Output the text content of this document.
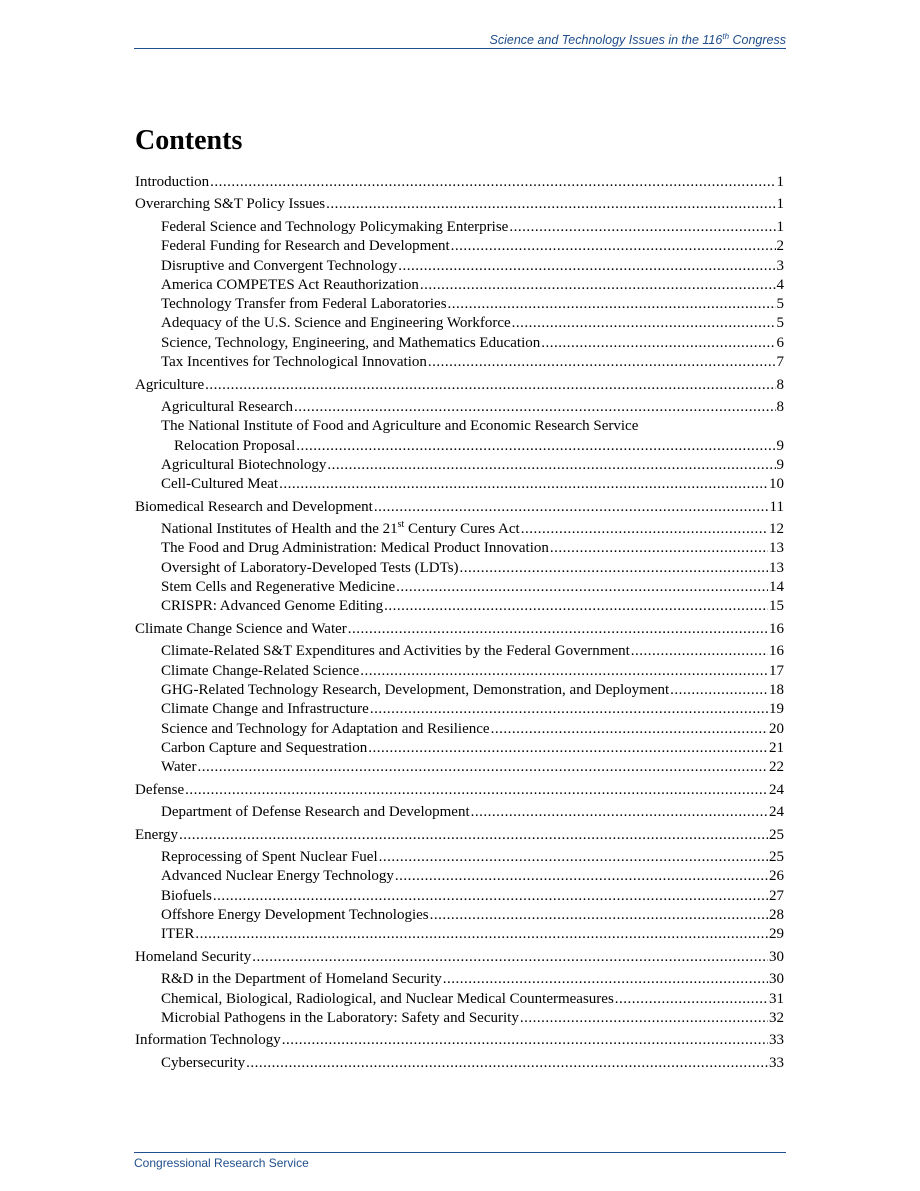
Science and Technology Issues in the 116th Congress
Contents
Introduction .....	1
Overarching S&T Policy Issues .....	1
Federal Science and Technology Policymaking Enterprise .....	1
Federal Funding for Research and Development .....	2
Disruptive and Convergent Technology .....	3
America COMPETES Act Reauthorization .....	4
Technology Transfer from Federal Laboratories .....	5
Adequacy of the U.S. Science and Engineering Workforce .....	5
Science, Technology, Engineering, and Mathematics Education .....	6
Tax Incentives for Technological Innovation .....	7
Agriculture .....	8
Agricultural Research .....	8
The National Institute of Food and Agriculture and Economic Research Service
Relocation Proposal .....	9
Agricultural Biotechnology .....	9
Cell-Cultured Meat .....	10
Biomedical Research and Development .....	11
National Institutes of Health and the 21st Century Cures Act .....	12
The Food and Drug Administration: Medical Product Innovation .....	13
Oversight of Laboratory-Developed Tests (LDTs) .....	13
Stem Cells and Regenerative Medicine .....	14
CRISPR: Advanced Genome Editing .....	15
Climate Change Science and Water .....	16
Climate-Related S&T Expenditures and Activities by the Federal Government .....	16
Climate Change-Related Science .....	17
GHG-Related Technology Research, Development, Demonstration, and Deployment .....	18
Climate Change and Infrastructure .....	19
Science and Technology for Adaptation and Resilience .....	20
Carbon Capture and Sequestration .....	21
Water .....	22
Defense .....	24
Department of Defense Research and Development .....	24
Energy .....	25
Reprocessing of Spent Nuclear Fuel .....	25
Advanced Nuclear Energy Technology .....	26
Biofuels .....	27
Offshore Energy Development Technologies .....	28
ITER .....	29
Homeland Security .....	30
R&D in the Department of Homeland Security .....	30
Chemical, Biological, Radiological, and Nuclear Medical Countermeasures .....	31
Microbial Pathogens in the Laboratory: Safety and Security .....	32
Information Technology .....	33
Cybersecurity .....	33
Congressional Research Service
